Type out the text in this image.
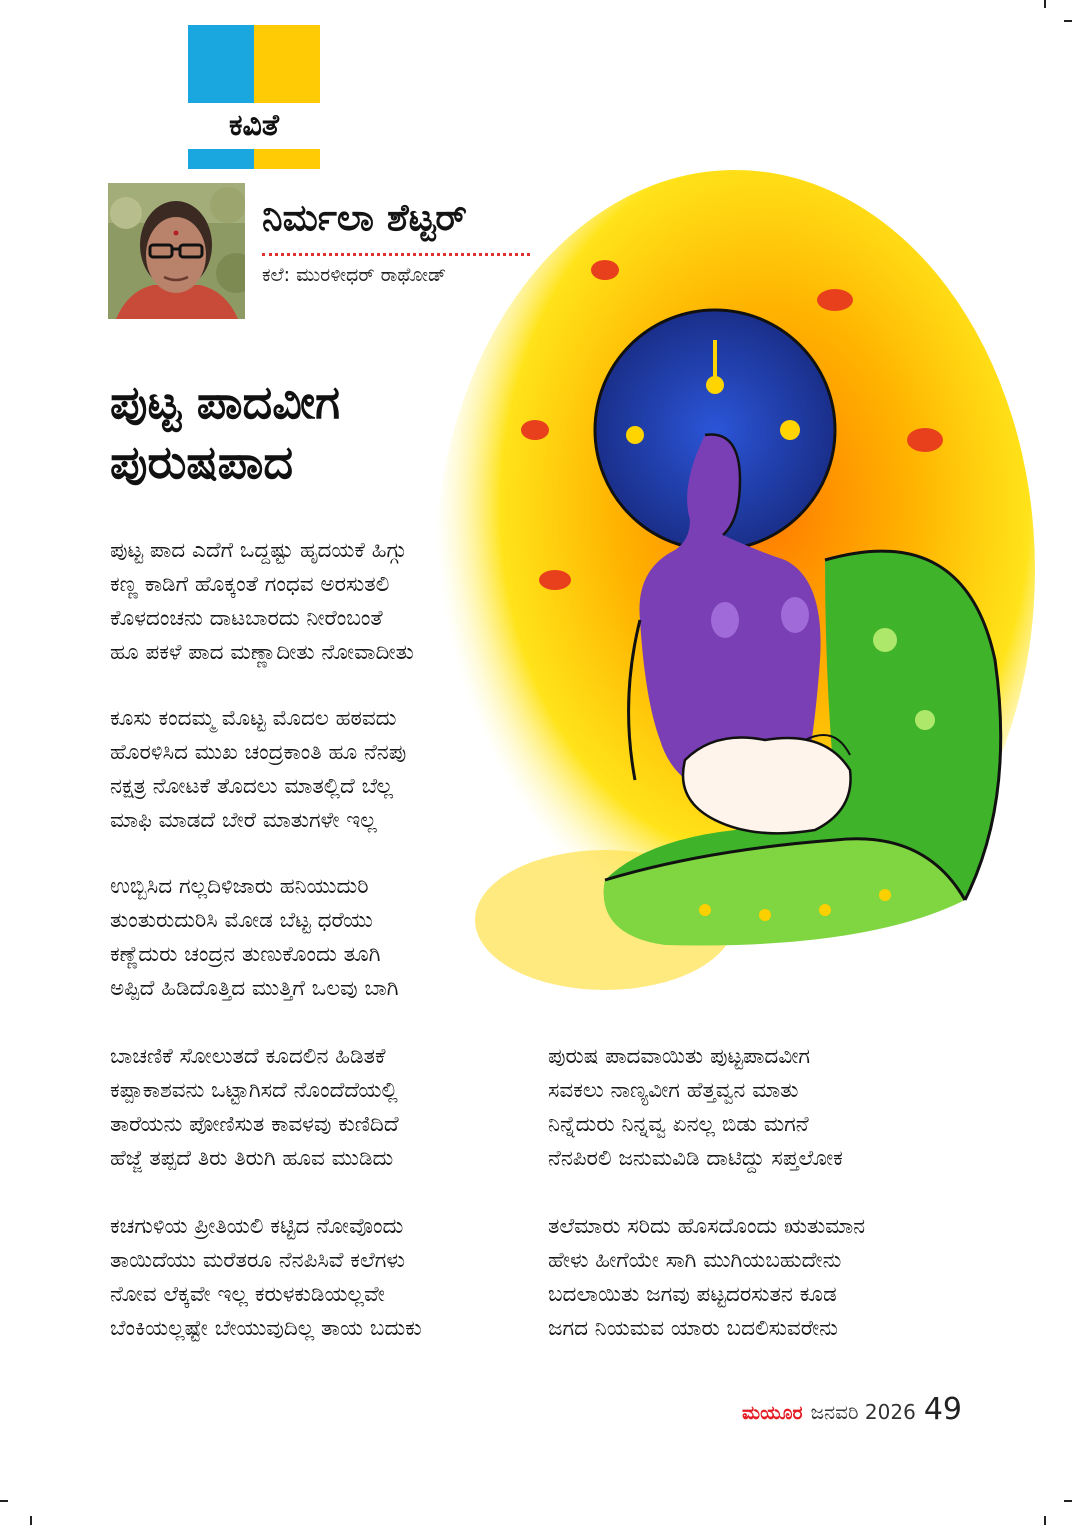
ಕವಿತೆ
ನಿರ್ಮಲಾ ಶೆಟ್ಟರ್
ಕಲೆ: ಮುರಳೀಧರ್ ರಾಥೋಡ್
ಪುಟ್ಟ ಪಾದವೀಗ
ಪುರುಷಪಾದ
ಪುಟ್ಟ ಪಾದ ಎದೆಗೆ ಒದ್ದಷ್ಟು ಹೃದಯಕೆ ಹಿಗ್ಗು
ಕಣ್ಣ ಕಾಡಿಗೆ ಹೊಕ್ಕಂತೆ ಗಂಧವ ಅರಸುತಲಿ
ಕೊಳದಂಚನು ದಾಟಬಾರದು ನೀರೆಂಬಂತೆ
ಹೂ ಪಕಳೆ ಪಾದ ಮಣ್ಣಾದೀತು ನೋವಾದೀತು
ಕೂಸು ಕಂದಮ್ಮ ಮೊಟ್ಟ ಮೊದಲ ಹಠವದು
ಹೊರಳಿಸಿದ ಮುಖ ಚಂದ್ರಕಾಂತಿ ಹೂ ನೆನಪು
ನಕ್ಷತ್ರ ನೋಟಕೆ ತೊದಲು ಮಾತಲ್ಲಿದೆ ಬೆಲ್ಲ
ಮಾಫಿ ಮಾಡದೆ ಬೇರೆ ಮಾತುಗಳೇ ಇಲ್ಲ
ಉಬ್ಬಿಸಿದ ಗಲ್ಲದಿಳಿಜಾರು ಹನಿಯುದುರಿ
ತುಂತುರುದುರಿಸಿ ಮೋಡ ಬೆಟ್ಟ ಧರೆಯು
ಕಣ್ಣೆದುರು ಚಂದ್ರನ ತುಣುಕೊಂದು ತೂಗಿ
ಅಪ್ಪಿದೆ ಹಿಡಿದೊತ್ತಿದ ಮುತ್ತಿಗೆ ಒಲವು ಬಾಗಿ
ಬಾಚಣಿಕೆ ಸೋಲುತದೆ ಕೂದಲಿನ ಹಿಡಿತಕೆ
ಕಪ್ಪಾಕಾಶವನು ಒಟ್ಟಾಗಿಸದೆ ನೊಂದೆದೆಯಲ್ಲಿ
ತಾರೆಯನು ಪೋಣಿಸುತ ಕಾವಳವು ಕುಣಿದಿದೆ
ಹೆಜ್ಜೆ ತಪ್ಪದೆ ತಿರು ತಿರುಗಿ ಹೂವ ಮುಡಿದು
ಕಚಗುಳಿಯ ಪ್ರೀತಿಯಲಿ ಕಟ್ಟಿದ ನೋವೊಂದು
ತಾಯಿದೆಯು ಮರೆತರೂ ನೆನಪಿಸಿವೆ ಕಲೆಗಳು
ನೋವ ಲೆಕ್ಕವೇ ಇಲ್ಲ ಕರುಳಕುಡಿಯಲ್ಲವೇ
ಬೆಂಕಿಯಲ್ಲಷ್ಟೇ ಬೇಯುವುದಿಲ್ಲ ತಾಯ ಬದುಕು
ಪುರುಷ ಪಾದವಾಯಿತು ಪುಟ್ಟಪಾದವೀಗ
ಸವಕಲು ನಾಣ್ಯವೀಗ ಹೆತ್ತವ್ವನ ಮಾತು
ನಿನ್ನೆದುರು ನಿನ್ನವ್ವ ಏನಲ್ಲ ಬಿಡು ಮಗನೆ
ನೆನಪಿರಲಿ ಜನುಮವಿಡಿ ದಾಟಿದ್ದು ಸಪ್ತಲೋಕ
ತಲೆಮಾರು ಸರಿದು ಹೊಸದೊಂದು ಋತುಮಾನ
ಹೇಳು ಹೀಗೆಯೇ ಸಾಗಿ ಮುಗಿಯಬಹುದೇನು
ಬದಲಾಯಿತು ಜಗವು ಪಟ್ಟದರಸುತನ ಕೂಡ
ಜಗದ ನಿಯಮವ ಯಾರು ಬದಲಿಸುವರೇನು
ಮಯೂರ ಜನವರಿ 2026 49
